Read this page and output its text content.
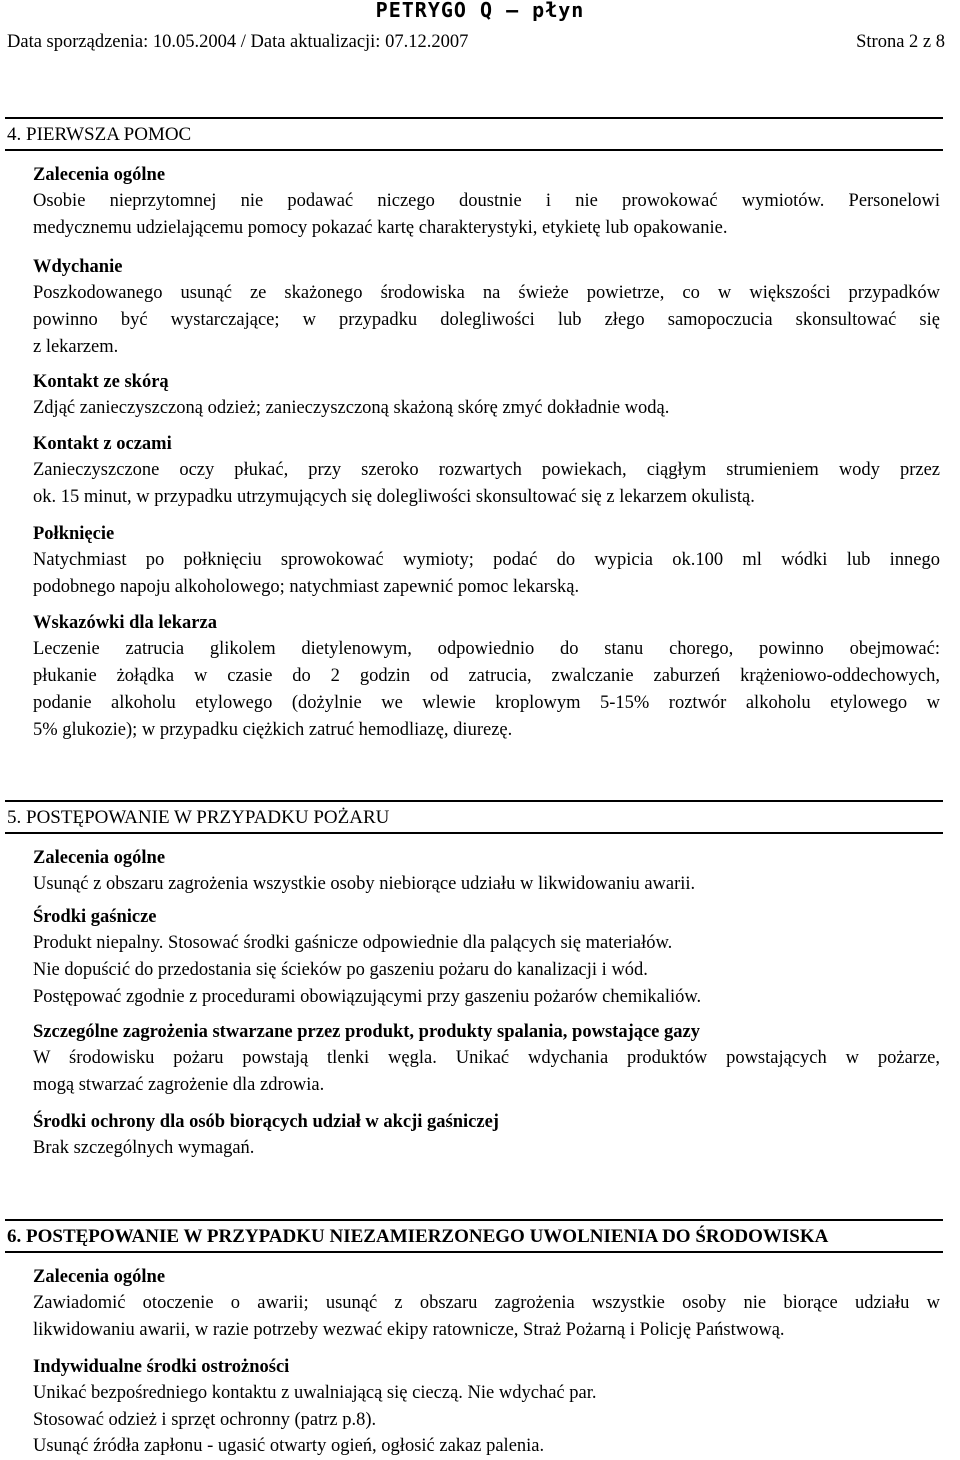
PETRYGO Q – płyn
Data sporządzenia: 10.05.2004 / Data aktualizacji: 07.12.2007	Strona 2 z 8
4. PIERWSZA POMOC
Zalecenia ogólne

Osobie nieprzytomnej nie podawać niczego doustnie i nie prowokować wymiotów. Personelowi

medycznemu udzielającemu pomocy pokazać kartę charakterystyki, etykietę lub opakowanie.

Wdychanie

Poszkodowanego usunąć ze skażonego środowiska na świeże powietrze, co w większości przypadków

powinno być wystarczające; w przypadku dolegliwości lub złego samopoczucia skonsultować się

z lekarzem.

Kontakt ze skórą

Zdjąć zanieczyszczoną odzież; zanieczyszczoną skażoną skórę zmyć dokładnie wodą.

Kontakt z oczami

Zanieczyszczone oczy płukać, przy szeroko rozwartych powiekach, ciągłym strumieniem wody przez

ok. 15 minut, w przypadku utrzymujących się dolegliwości skonsultować się z lekarzem okulistą.

Połknięcie

Natychmiast po połknięciu sprowokować wymioty; podać do wypicia ok.100 ml wódki lub innego

podobnego napoju alkoholowego; natychmiast zapewnić pomoc lekarską.

Wskazówki dla lekarza

Leczenie zatrucia glikolem dietylenowym, odpowiednio do stanu chorego, powinno obejmować:

płukanie żołądka w czasie do 2 godzin od zatrucia, zwalczanie zaburzeń krążeniowo-oddechowych,

podanie alkoholu etylowego (dożylnie we wlewie kroplowym 5-15% roztwór alkoholu etylowego w

5% glukozie); w przypadku ciężkich zatruć hemodliazę, diurezę.

5. POSTĘPOWANIE W PRZYPADKU POŻARU
Zalecenia ogólne

Usunąć z obszaru zagrożenia wszystkie osoby niebiorące udziału w likwidowaniu awarii.

Środki gaśnicze

Produkt niepalny. Stosować środki gaśnicze odpowiednie dla palących się materiałów.

Nie dopuścić do przedostania się ścieków po gaszeniu pożaru do kanalizacji i wód.

Postępować zgodnie z procedurami obowiązującymi przy gaszeniu pożarów chemikaliów.

Szczególne zagrożenia stwarzane przez produkt, produkty spalania, powstające gazy

W środowisku pożaru powstają tlenki węgla. Unikać wdychania produktów powstających w pożarze,

mogą stwarzać zagrożenie dla zdrowia.

Środki ochrony dla osób biorących udział w akcji gaśniczej

Brak szczególnych wymagań.

6. POSTĘPOWANIE W PRZYPADKU NIEZAMIERZONEGO UWOLNIENIA DO ŚRODOWISKA
Zalecenia ogólne

Zawiadomić otoczenie o awarii; usunąć z obszaru zagrożenia wszystkie osoby nie biorące udziału w

likwidowaniu awarii, w razie potrzeby wezwać ekipy ratownicze, Straż Pożarną i Policję Państwową.

Indywidualne środki ostrożności

Unikać bezpośredniego kontaktu z uwalniającą się cieczą. Nie wdychać par.

Stosować odzież i sprzęt ochronny (patrz p.8).

Usunąć źródła zapłonu - ugasić otwarty ogień, ogłosić zakaz palenia.
